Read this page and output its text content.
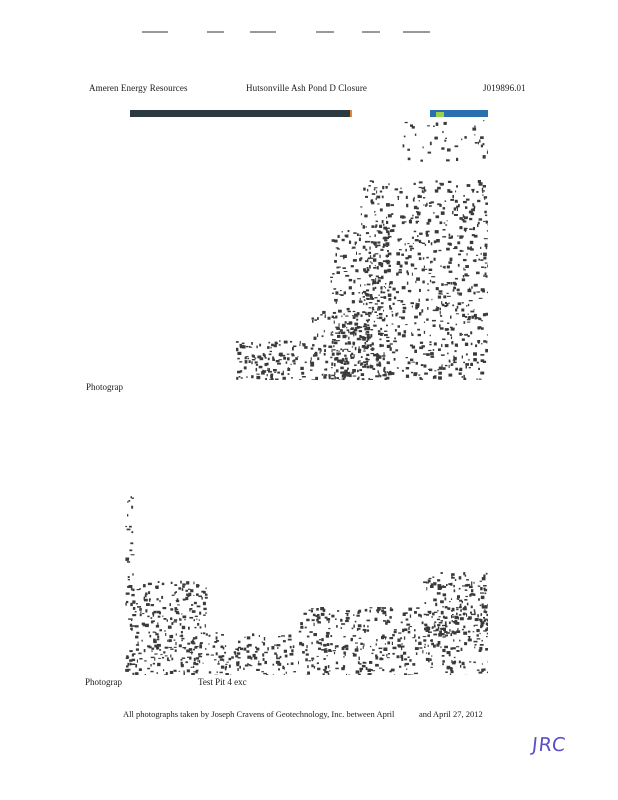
Ameren Energy Resources	Hutsonville Ash Pond D Closure	J019896.01
Photograp
Photograp	Test Pit 4 exc
All photographs taken by Joseph Cravens of Geotechnology, Inc. between April	and April 27, 2012
JRC
